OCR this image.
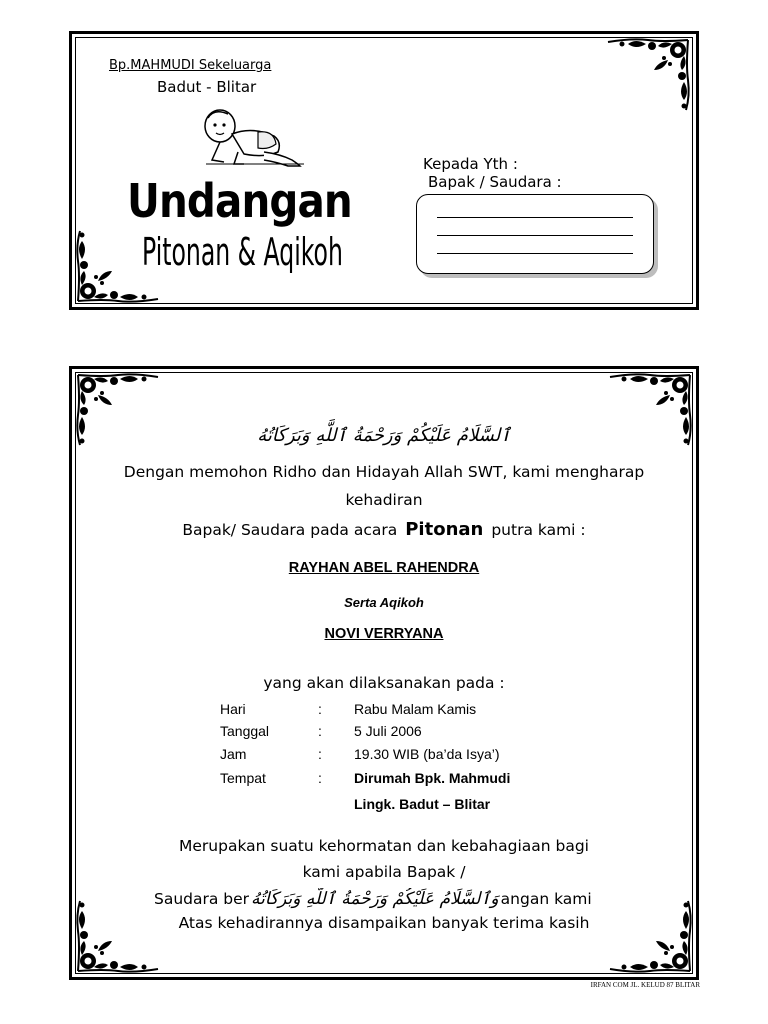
Bp.MAHMUDI Sekeluarga
Badut - Blitar
Undangan
Pitonan & Aqikoh
Kepada Yth :
Bapak / Saudara :
ٱلسَّلَامُ عَلَيْكُمْ وَرَحْمَةُ ٱللَّهِ وَبَرَكَاتُهُ
Dengan memohon Ridho dan Hidayah Allah SWT, kami mengharap
kehadiran
Bapak/ Saudara pada acara Pitonan putra kami :
RAYHAN ABEL RAHENDRA
Serta Aqikoh
NOVI VERRYANA
yang akan dilaksanakan pada :
Hari	: Rabu Malam Kamis
Tanggal	: 5 Juli 2006
Jam	: 19.30 WIB (ba’da Isya’)
Tempat	: Dirumah Bpk. Mahmudi
Lingk. Badut – Blitar
Merupakan suatu kehormatan dan kebahagiaan bagi
kami apabila Bapak /
Saudara ber وَٱلسَّلَامُ عَلَيْكُمْ وَرَحْمَةُ ٱللَّهِ وَبَرَكَاتُهُ angan kami
Atas kehadirannya disampaikan banyak terima kasih
IRFAN COM JL. KELUD 87 BLITAR
